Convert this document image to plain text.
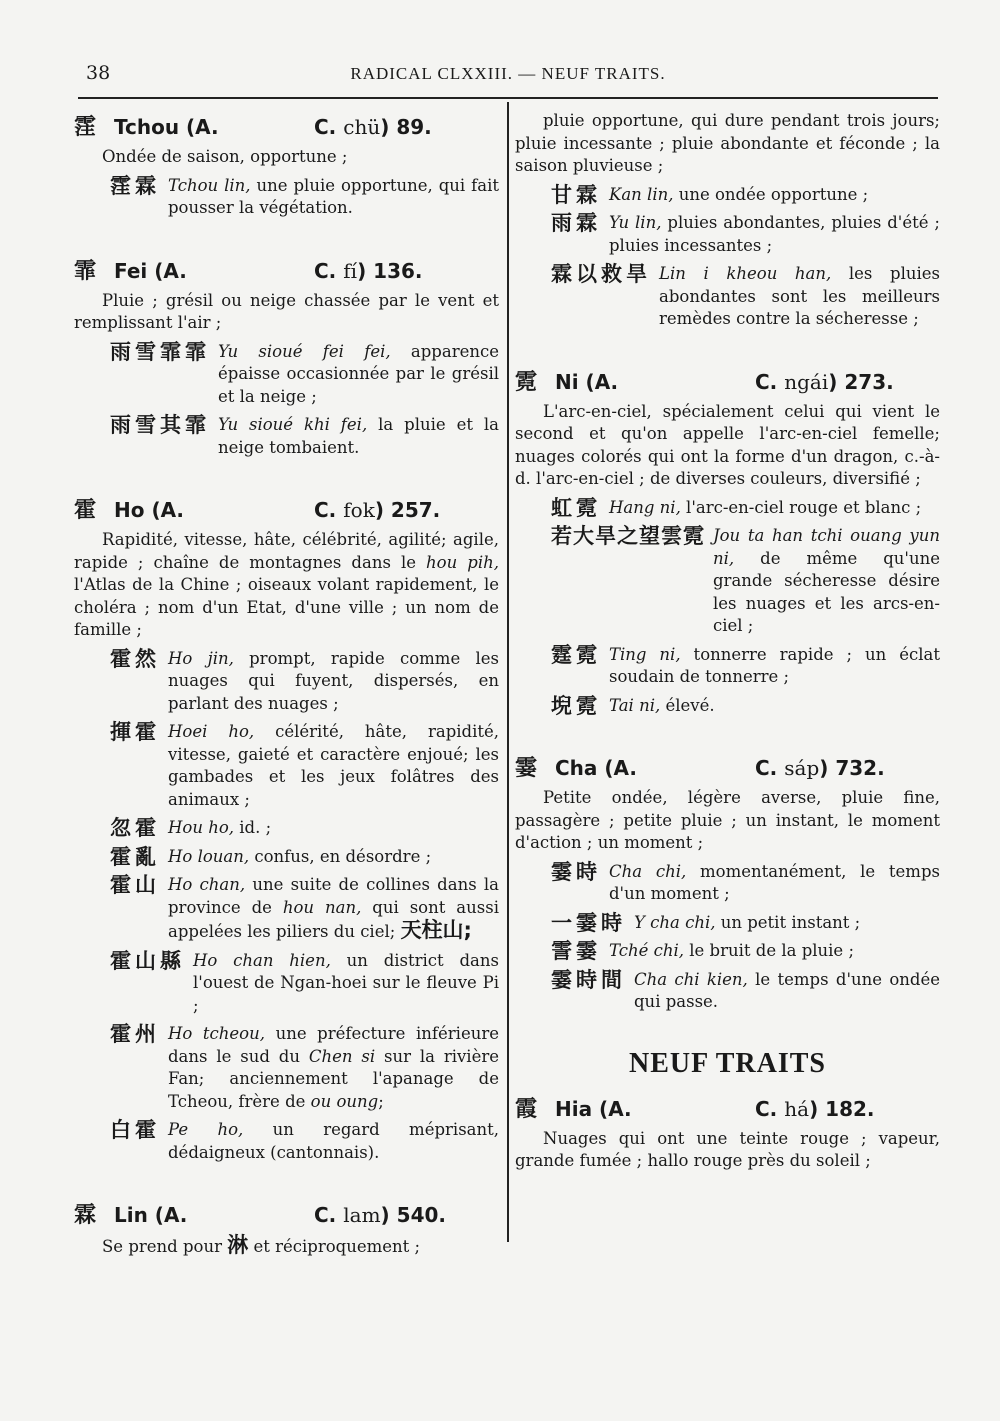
38	RADICAL CLXXIII. — NEUF TRAITS.
霔 Tchou (A.	C. chü) 89.

Ondée de saison, opportune ;

霔霖 Tchou lin, une pluie opportune, qui fait pousser la végétation.
霏 Fei (A.	C. fí) 136.

Pluie ; grésil ou neige chassée par le vent et remplissant l'air ;

雨雪霏霏 Yu sioué fei fei, apparence épaisse occasionnée par le grésil et la neige ;
雨雪其霏 Yu sioué khi fei, la pluie et la neige tombaient.
霍 Ho (A.	C. fok) 257.

Rapidité, vitesse, hâte, célébrité, agilité; agile, rapide ; chaîne de montagnes dans le hou pih, l'Atlas de la Chine ; oiseaux volant rapidement, le choléra ; nom d'un Etat, d'une ville ; un nom de famille ;

霍然 Ho jin, prompt, rapide comme les nuages qui fuyent, dispersés, en parlant des nuages ;
揮霍 Hoei ho, célérité, hâte, rapidité, vitesse, gaieté et caractère enjoué; les gambades et les jeux folâtres des animaux ;
忽霍 Hou ho, id. ;
霍亂 Ho louan, confus, en désordre ;
霍山 Ho chan, une suite de collines dans la province de hou nan, qui sont aussi appelées les piliers du ciel; 天柱山;
霍山縣 Ho chan hien, un district dans l'ouest de Ngan-hoei sur le fleuve Pi ;
霍州 Ho tcheou, une préfecture inférieure dans le sud du Chen si sur la rivière Fan; anciennement l'apanage de Tcheou, frère de ou oung;
白霍 Pe ho, un regard méprisant, dédaigneux (cantonnais).
霖 Lin (A.	C. lam) 540.

Se prend pour 淋 et réciproquement ;

pluie opportune, qui dure pendant trois jours; pluie incessante ; pluie abondante et féconde ; la saison pluvieuse ;

甘霖 Kan lin, une ondée opportune ;
雨霖 Yu lin, pluies abondantes, pluies d'été ; pluies incessantes ;
霖以救旱 Lin i kheou han, les pluies abondantes sont les meilleurs remèdes contre la sécheresse ;
霓 Ni (A.	C. ngái) 273.

L'arc-en-ciel, spécialement celui qui vient le second et qu'on appelle l'arc-en-ciel femelle; nuages colorés qui ont la forme d'un dragon, c.-à-d. l'arc-en-ciel ; de diverses couleurs, diversifié ;

虹霓 Hang ni, l'arc-en-ciel rouge et blanc ;
若大旱之望雲霓 Jou ta han tchi ouang yun ni, de même qu'une grande sécheresse désire les nuages et les arcs-en-ciel ;
霆霓 Ting ni, tonnerre rapide ; un éclat soudain de tonnerre ;
堄霓 Tai ni, élevé.
霎 Cha (A.	C. sáp) 732.

Petite ondée, légère averse, pluie fine, passagère ; petite pluie ; un instant, le moment d'action ; un moment ;

霎時 Cha chi, momentanément, le temps d'un moment ;
一霎時 Y cha chi, un petit instant ;
霅霎 Tché chi, le bruit de la pluie ;
霎時間 Cha chi kien, le temps d'une ondée qui passe.
NEUF TRAITS
霞 Hia (A.	C. há) 182.

Nuages qui ont une teinte rouge ; vapeur, grande fumée ; hallo rouge près du soleil ;
